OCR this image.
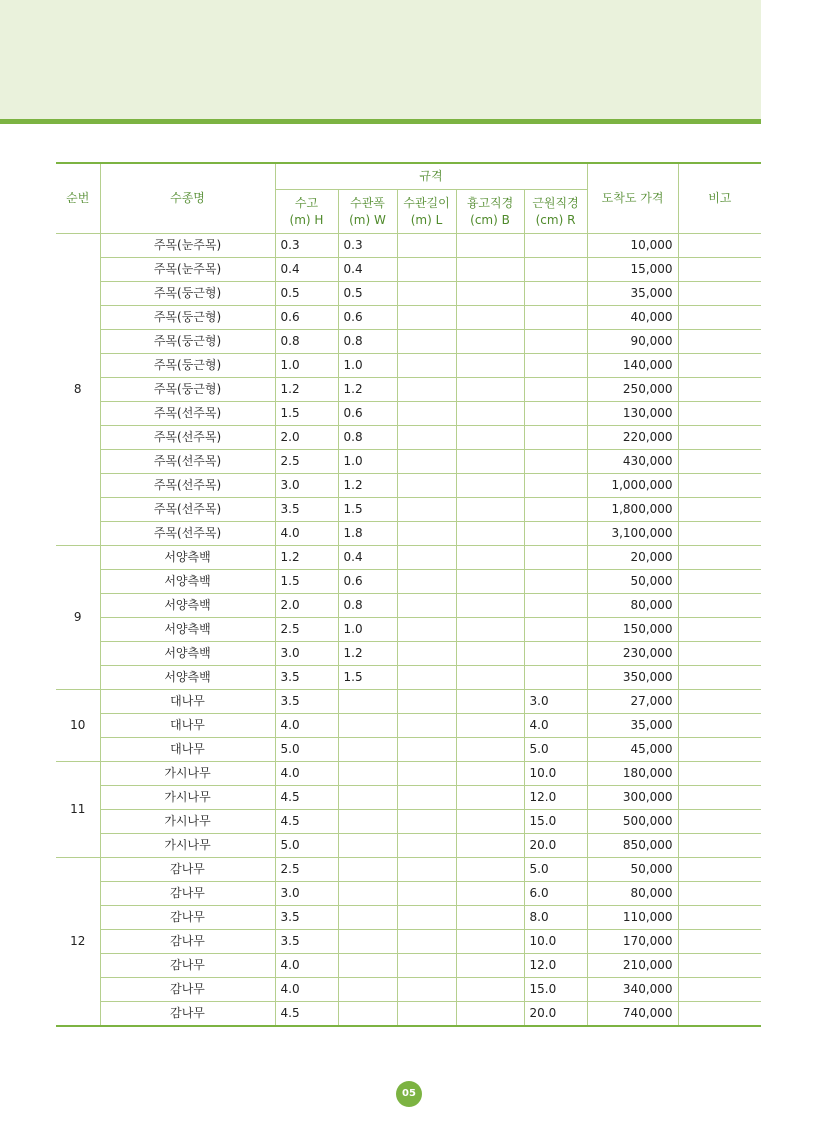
순번	수종명	규격					도착도 가격	비고
		수고(m) H	수관폭 (m) W	수관길이 (m) L	흉고직경 (cm) B	근원직경 (cm) R		
8	주목(눈주목)	0.3	0.3				10,000	
	주목(눈주목)	0.4	0.4				15,000	
	주목(둥근형)	0.5	0.5				35,000	
	주목(둥근형)	0.6	0.6				40,000	
	주목(둥근형)	0.8	0.8				90,000	
	주목(둥근형)	1.0	1.0				140,000	
	주목(둥근형)	1.2	1.2				250,000	
	주목(선주목)	1.5	0.6				130,000	
	주목(선주목)	2.0	0.8				220,000	
	주목(선주목)	2.5	1.0				430,000	
	주목(선주목)	3.0	1.2				1,000,000	
	주목(선주목)	3.5	1.5				1,800,000	
	주목(선주목)	4.0	1.8				3,100,000	
9	서양측백	1.2	0.4				20,000	
	서양측백	1.5	0.6				50,000	
	서양측백	2.0	0.8				80,000	
	서양측백	2.5	1.0				150,000	
	서양측백	3.0	1.2				230,000	
	서양측백	3.5	1.5				350,000	
10	대나무	3.5				3.0	27,000	
	대나무	4.0				4.0	35,000	
	대나무	5.0				5.0	45,000	
11	가시나무	4.0				10.0	180,000	
	가시나무	4.5				12.0	300,000	
	가시나무	4.5				15.0	500,000	
	가시나무	5.0				20.0	850,000	
12	감나무	2.5				5.0	50,000	
	감나무	3.0				6.0	80,000	
	감나무	3.5				8.0	110,000	
	감나무	3.5				10.0	170,000	
	감나무	4.0				12.0	210,000	
	감나무	4.0				15.0	340,000	
	감나무	4.5				20.0	740,000	
05
